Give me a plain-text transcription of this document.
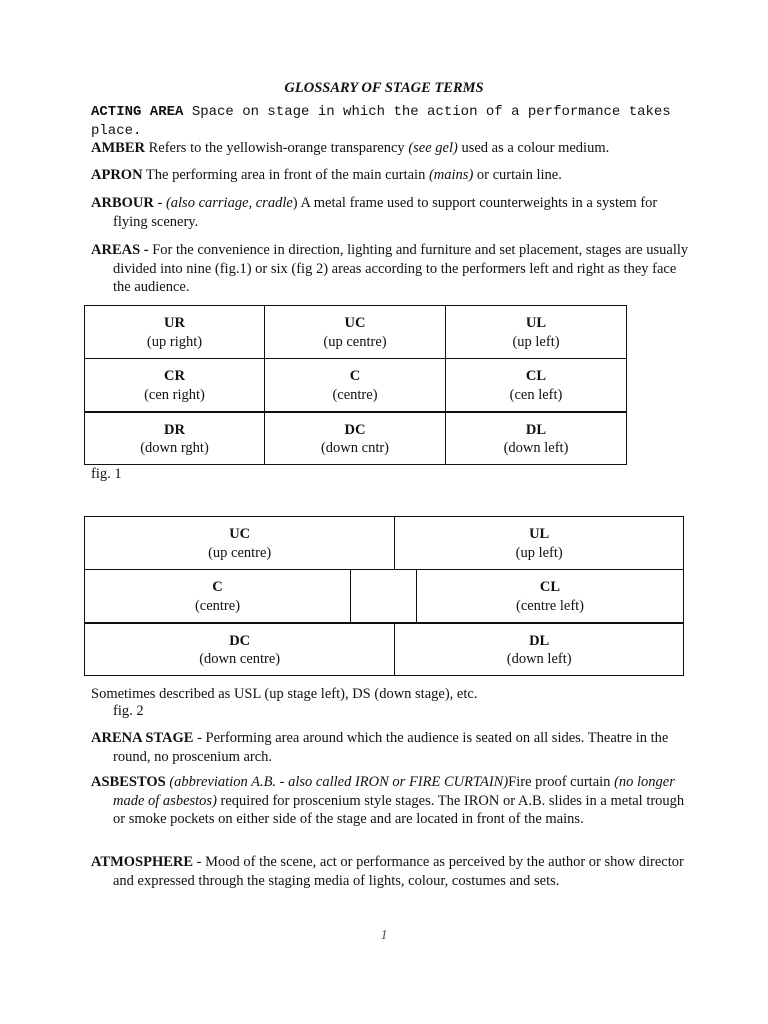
GLOSSARY OF STAGE TERMS
ACTING AREA Space on stage in which the action of a performance takes place.
AMBER Refers to the yellowish-orange transparency (see gel) used as a colour medium.
APRON The performing area in front of the main curtain (mains) or curtain line.
ARBOUR - (also carriage, cradle) A metal frame used to support counterweights in a system for flying scenery.
AREAS - For the convenience in direction, lighting and furniture and set placement, stages are usually divided into nine (fig.1) or six (fig 2) areas according to the performers left and right as they face the audience.
UR
(up right)	UC
(up centre)	UL
(up left)

CR
(cen right)	C
(centre)	CL
(cen left)

DR
(down rght)	DC
(down cntr)	DL
(down left)
fig. 1
UC
(up centre)		UL
(up left)	

C
(centre)			CL
(centre left)

DC
(down centre)		DL
(down left)	
Sometimes described as USL (up stage left), DS (down stage), etc.
fig. 2
ARENA STAGE - Performing area around which the audience is seated on all sides. Theatre in the round, no proscenium arch.
ASBESTOS (abbreviation A.B. - also called IRON or FIRE CURTAIN)Fire proof curtain (no longer made of asbestos) required for proscenium style stages. The IRON or A.B. slides in a metal trough or smoke pockets on either side of the stage and are located in front of the mains.
ATMOSPHERE - Mood of the scene, act or performance as perceived by the author or show director and expressed through the staging media of lights, colour, costumes and sets.
1
